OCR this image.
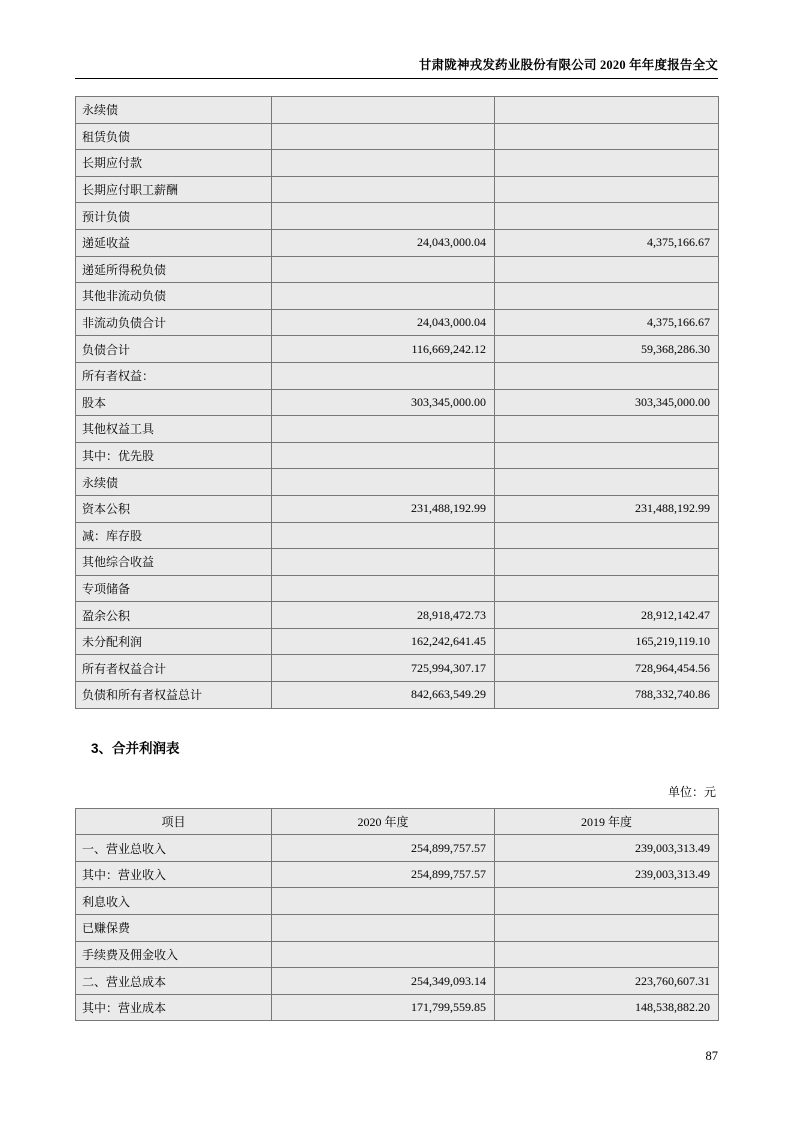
甘肃陇神戎发药业股份有限公司 2020 年年度报告全文
永续债		
租赁负债		
长期应付款		
长期应付职工薪酬		
预计负债		
递延收益	24,043,000.04	4,375,166.67
递延所得税负债		
其他非流动负债		
非流动负债合计	24,043,000.04	4,375,166.67
负债合计	116,669,242.12	59,368,286.30
所有者权益：		
股本	303,345,000.00	303,345,000.00
其他权益工具		
其中：优先股		
永续债		
资本公积	231,488,192.99	231,488,192.99
减：库存股		
其他综合收益		
专项储备		
盈余公积	28,918,472.73	28,912,142.47
未分配利润	162,242,641.45	165,219,119.10
所有者权益合计	725,994,307.17	728,964,454.56
负债和所有者权益总计	842,663,549.29	788,332,740.86
3、合并利润表
单位：元
项目	2020 年度	2019 年度
一、营业总收入	254,899,757.57	239,003,313.49
其中：营业收入	254,899,757.57	239,003,313.49
利息收入		
已赚保费		
手续费及佣金收入		
二、营业总成本	254,349,093.14	223,760,607.31
其中：营业成本	171,799,559.85	148,538,882.20
87
